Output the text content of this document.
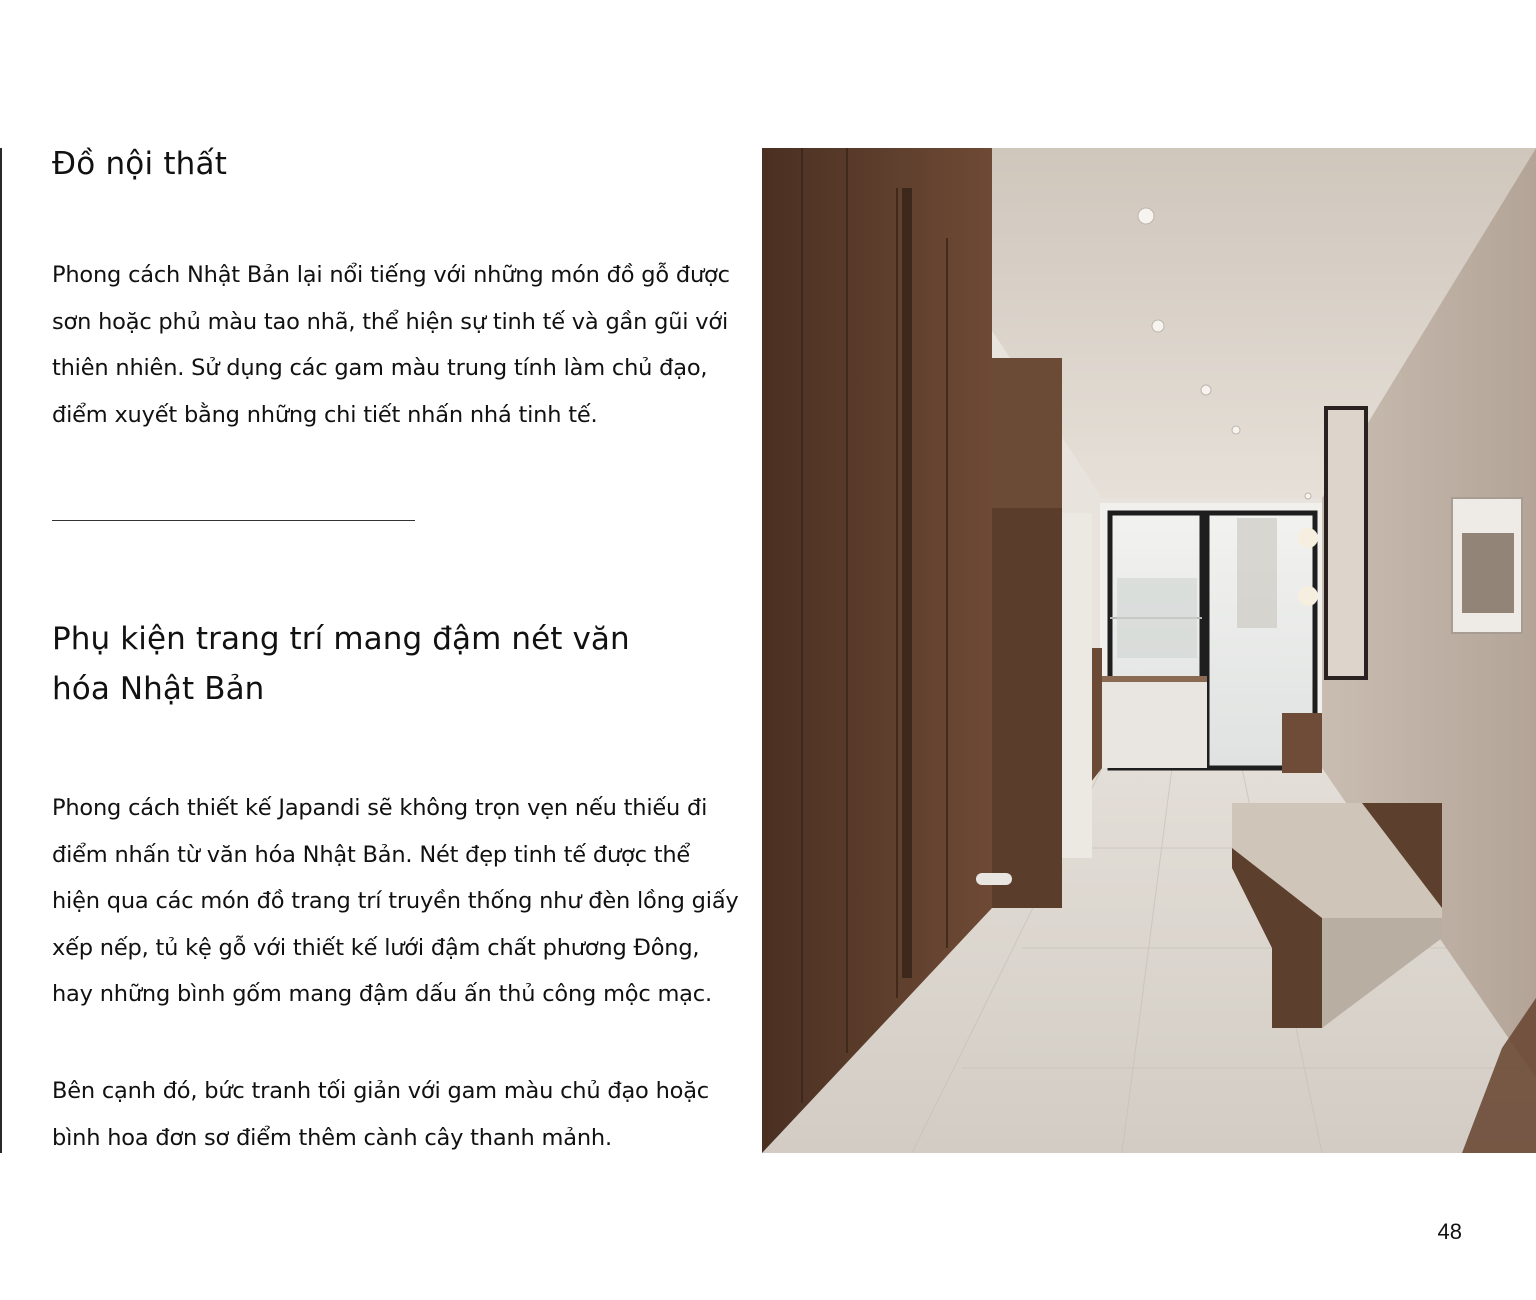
Đồ nội thất

Phong cách Nhật Bản lại nổi tiếng với những món đồ gỗ được sơn hoặc phủ màu tao nhã, thể hiện sự tinh tế và gần gũi với thiên nhiên. Sử dụng các gam màu trung tính làm chủ đạo, điểm xuyết bằng những chi tiết nhấn nhá tinh tế.

Phụ kiện trang trí mang đậm nét văn hóa Nhật Bản

Phong cách thiết kế Japandi sẽ không trọn vẹn nếu thiếu đi điểm nhấn từ văn hóa Nhật Bản. Nét đẹp tinh tế được thể hiện qua các món đồ trang trí truyền thống như đèn lồng giấy xếp nếp, tủ kệ gỗ với thiết kế lưới đậm chất phương Đông, hay những bình gốm mang đậm dấu ấn thủ công mộc mạc.

Bên cạnh đó, bức tranh tối giản với gam màu chủ đạo hoặc bình hoa đơn sơ điểm thêm cành cây thanh mảnh.

48
